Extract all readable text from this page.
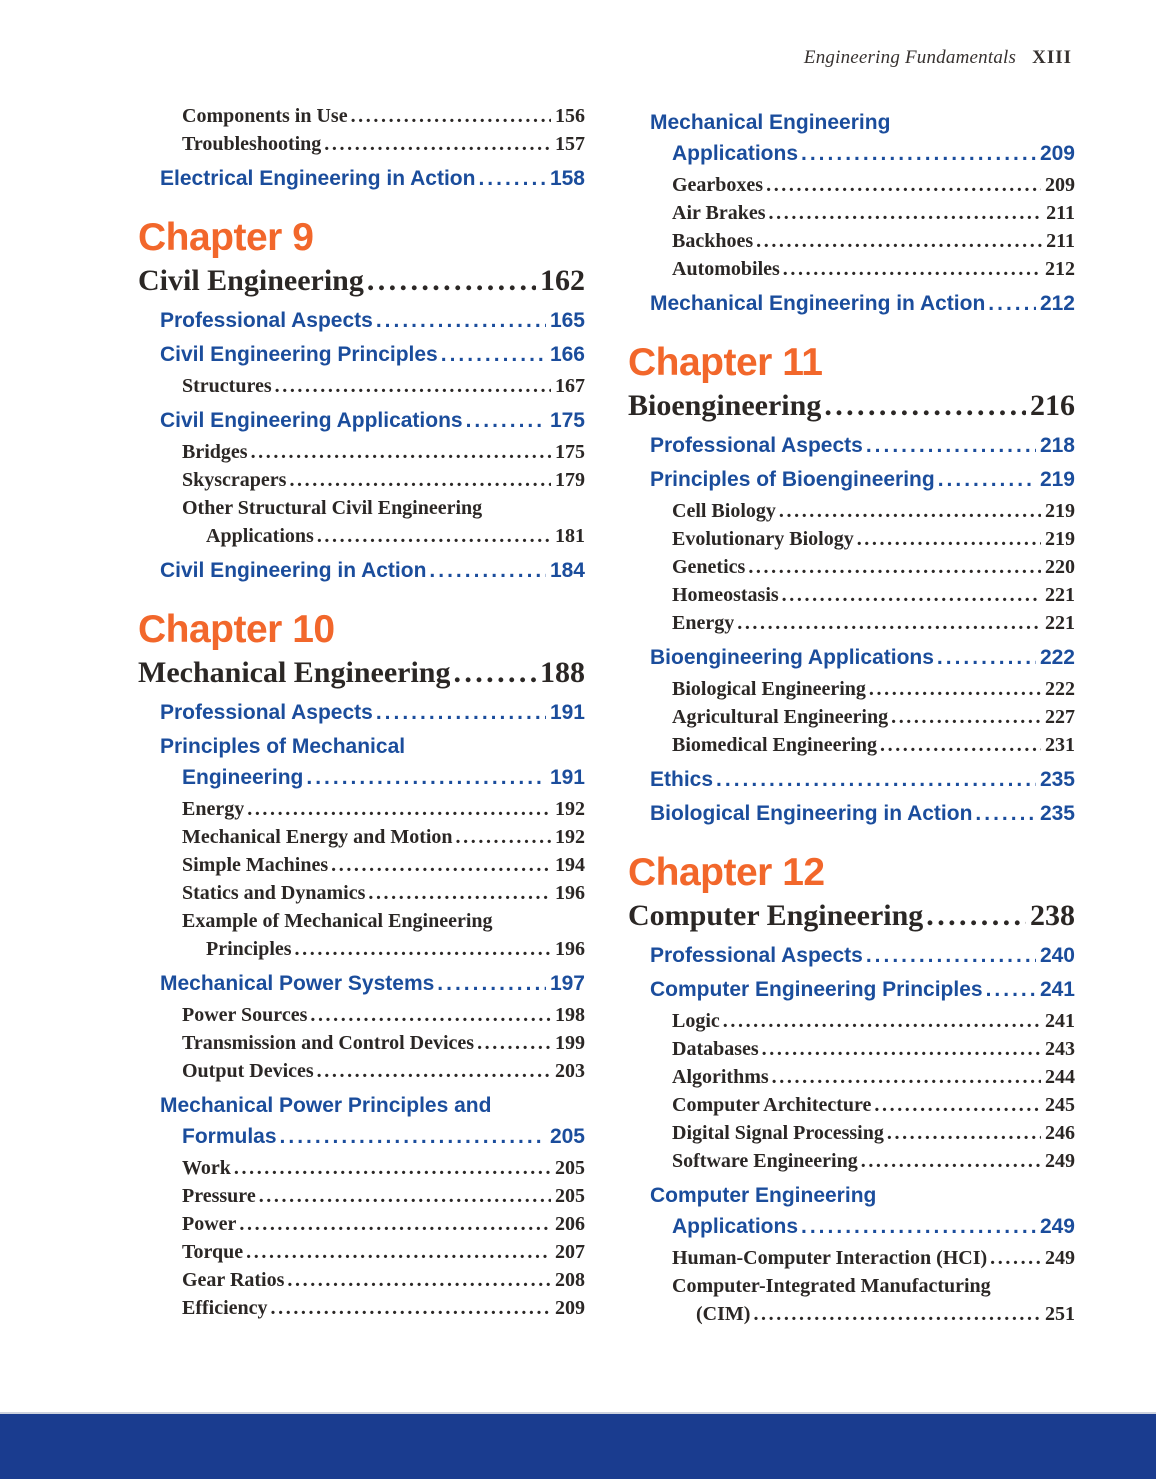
Engineering Fundamentals XIII
Components in Use .....	156
Troubleshooting .....	157
Electrical Engineering in Action .....	158
Chapter 9
Civil Engineering .....	162
Professional Aspects .....	165
Civil Engineering Principles .....	166
Structures .....	167
Civil Engineering Applications .....	175
Bridges .....	175
Skyscrapers .....	179
Other Structural Civil Engineering
Applications .....	181
Civil Engineering in Action .....	184
Chapter 10
Mechanical Engineering .....	188
Professional Aspects .....	191
Principles of Mechanical
Engineering .....	191
Energy .....	192
Mechanical Energy and Motion .....	192
Simple Machines .....	194
Statics and Dynamics .....	196
Example of Mechanical Engineering
Principles .....	196
Mechanical Power Systems .....	197
Power Sources .....	198
Transmission and Control Devices .....	199
Output Devices .....	203
Mechanical Power Principles and
Formulas .....	205
Work .....	205
Pressure .....	205
Power .....	206
Torque .....	207
Gear Ratios .....	208
Efficiency .....	209
Mechanical Engineering
Applications .....	209
Gearboxes .....	209
Air Brakes .....	211
Backhoes .....	211
Automobiles .....	212
Mechanical Engineering in Action .....	212
Chapter 11
Bioengineering .....	216
Professional Aspects .....	218
Principles of Bioengineering .....	219
Cell Biology .....	219
Evolutionary Biology .....	219
Genetics .....	220
Homeostasis .....	221
Energy .....	221
Bioengineering Applications .....	222
Biological Engineering .....	222
Agricultural Engineering .....	227
Biomedical Engineering .....	231
Ethics .....	235
Biological Engineering in Action .....	235
Chapter 12
Computer Engineering .....	238
Professional Aspects .....	240
Computer Engineering Principles .....	241
Logic .....	241
Databases .....	243
Algorithms .....	244
Computer Architecture .....	245
Digital Signal Processing .....	246
Software Engineering .....	249
Computer Engineering
Applications .....	249
Human-Computer Interaction (HCI) .....	249
Computer-Integrated Manufacturing
(CIM) .....	251
